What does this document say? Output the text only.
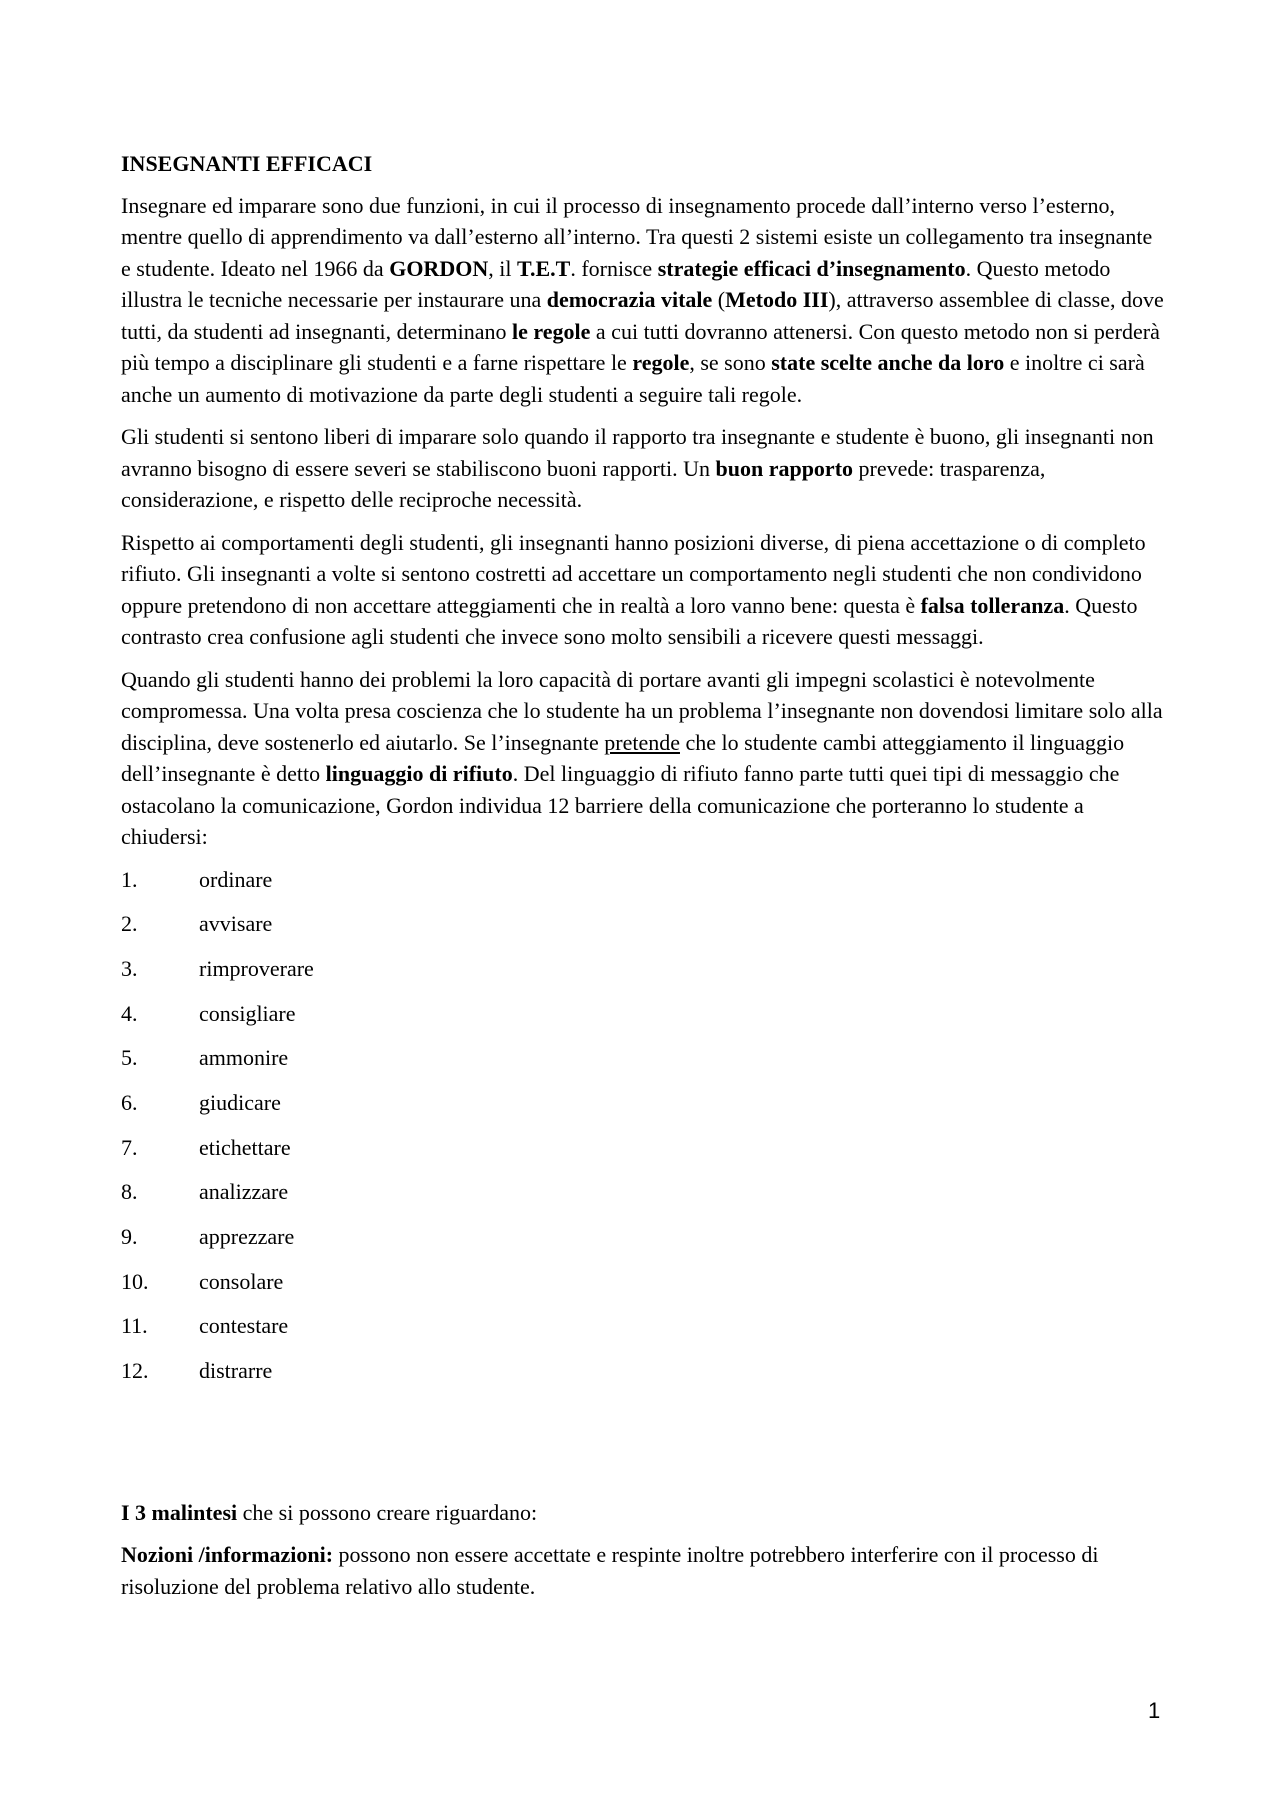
INSEGNANTI EFFICACI

Insegnare ed imparare sono due funzioni, in cui il processo di insegnamento procede dall’interno verso l’esterno, mentre quello di apprendimento va dall’esterno all’interno. Tra questi 2 sistemi esiste un collegamento tra insegnante e studente. Ideato nel 1966 da GORDON, il T.E.T. fornisce strategie efficaci d’insegnamento. Questo metodo illustra le tecniche necessarie per instaurare una democrazia vitale (Metodo III), attraverso assemblee di classe, dove tutti, da studenti ad insegnanti, determinano le regole a cui tutti dovranno attenersi. Con questo metodo non si perderà più tempo a disciplinare gli studenti e a farne rispettare le regole, se sono state scelte anche da loro e inoltre ci sarà anche un aumento di motivazione da parte degli studenti a seguire tali regole.

Gli studenti si sentono liberi di imparare solo quando il rapporto tra insegnante e studente è buono, gli insegnanti non avranno bisogno di essere severi se stabiliscono buoni rapporti. Un buon rapporto prevede: trasparenza, considerazione, e rispetto delle reciproche necessità.

Rispetto ai comportamenti degli studenti, gli insegnanti hanno posizioni diverse, di piena accettazione o di completo rifiuto. Gli insegnanti a volte si sentono costretti ad accettare un comportamento negli studenti che non condividono oppure pretendono di non accettare atteggiamenti che in realtà a loro vanno bene: questa è falsa tolleranza. Questo contrasto crea confusione agli studenti che invece sono molto sensibili a ricevere questi messaggi.

Quando gli studenti hanno dei problemi la loro capacità di portare avanti gli impegni scolastici è notevolmente compromessa. Una volta presa coscienza che lo studente ha un problema l’insegnante non dovendosi limitare solo alla disciplina, deve sostenerlo ed aiutarlo. Se l’insegnante pretende che lo studente cambi atteggiamento il linguaggio dell’insegnante è detto linguaggio di rifiuto. Del linguaggio di rifiuto fanno parte tutti quei tipi di messaggio che ostacolano la comunicazione, Gordon individua 12 barriere della comunicazione che porteranno lo studente a chiudersi:

1.	ordinare
2.	avvisare
3.	rimproverare
4.	consigliare
5.	ammonire
6.	giudicare
7.	etichettare
8.	analizzare
9.	apprezzare
10.	consolare
11.	contestare
12.	distrarre

I 3 malintesi che si possono creare riguardano:

Nozioni /informazioni: possono non essere accettate e respinte inoltre potrebbero interferire con il processo di risoluzione del problema relativo allo studente.

1
